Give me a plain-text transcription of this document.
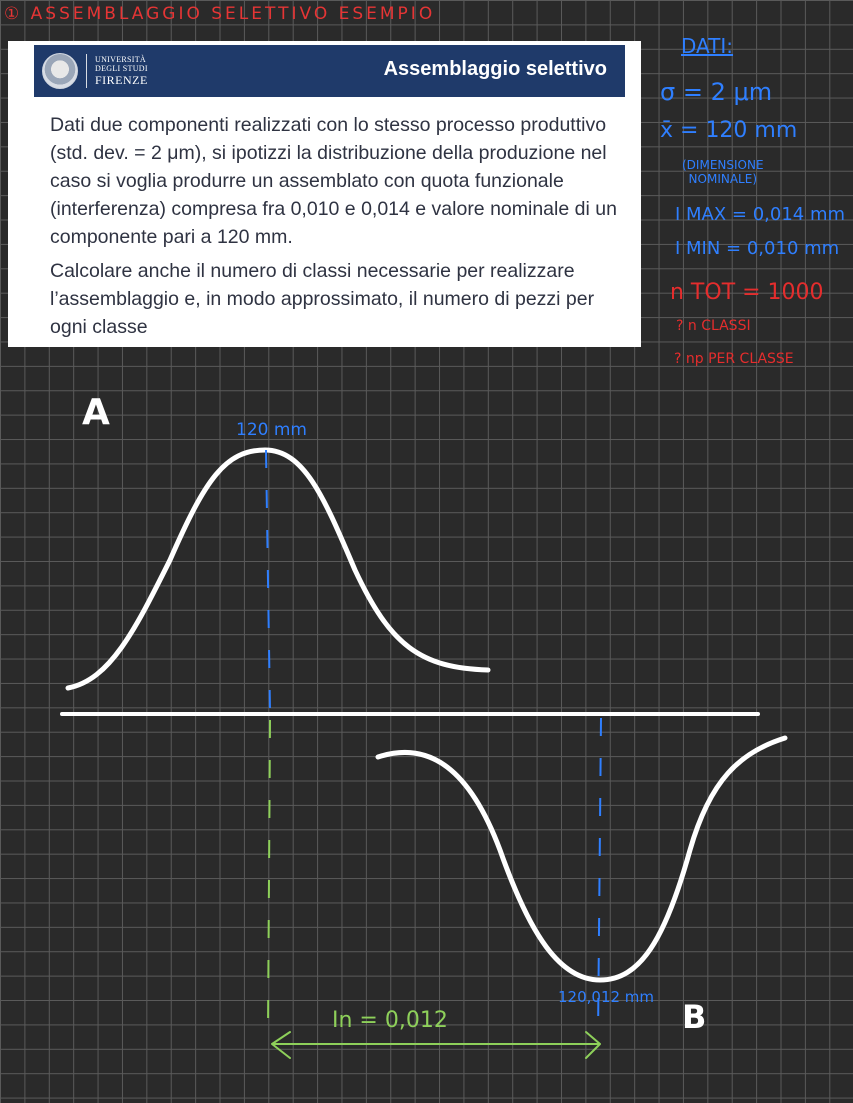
① ASSEMBLAGGIO SELETTIVO ESEMPIO
UNIVERSITÀ
DEGLI STUDI
FIRENZE	Assemblaggio selettivo

Dati due componenti realizzati con lo stesso processo produttivo (std. dev. = 2 μm), si ipotizzi la distribuzione della produzione nel caso si voglia produrre un assemblato con quota funzionale (interferenza) compresa fra 0,010 e 0,014 e valore nominale di un componente pari a 120 mm.

Calcolare anche il numero di classi necessarie per realizzare l’assemblaggio e, in modo approssimato, il numero di pezzi per ogni classe

DATI:
σ = 2 μm
x̄ = 120 mm
(DIMENSIONE
NOMINALE)
I MAX = 0,014 mm
I MIN = 0,010 mm
n TOT = 1000
? n CLASSI
? np PER CLASSE
A
B
120 mm
120,012 mm
In = 0,012
